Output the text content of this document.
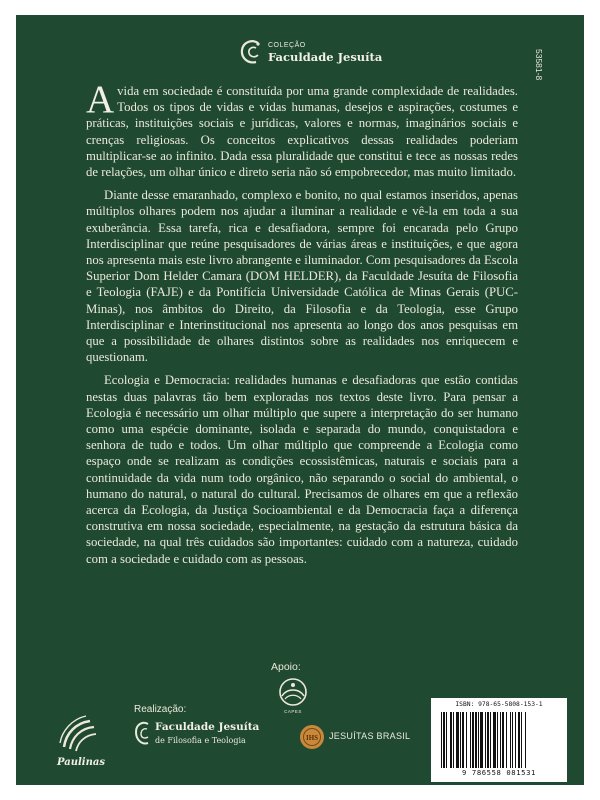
COLEÇÃO
Faculdade Jesuíta	53581-8

Avida em sociedade é constituída por uma grande complexidade de realidades. Todos os tipos de vidas e vidas humanas, desejos e aspirações, costumes e práticas, instituições sociais e jurídicas, valores e normas, imaginários sociais e crenças religiosas. Os conceitos explicativos dessas realidades poderiam multiplicar-se ao infinito. Dada essa pluralidade que constitui e tece as nossas redes de relações, um olhar único e direto seria não só empobrecedor, mas muito limitado.

Diante desse emaranhado, complexo e bonito, no qual estamos inseridos, apenas múltiplos olhares podem nos ajudar a iluminar a realidade e vê-la em toda a sua exuberância. Essa tarefa, rica e desafiadora, sempre foi encarada pelo Grupo Interdisciplinar que reúne pesquisadores de várias áreas e instituições, e que agora nos apresenta mais este livro abrangente e iluminador. Com pesquisadores da Escola Superior Dom Helder Camara (DOM HELDER), da Faculdade Jesuíta de Filosofia e Teologia (FAJE) e da Pontifícia Universidade Católica de Minas Gerais (PUC-Minas), nos âmbitos do Direito, da Filosofia e da Teologia, esse Grupo Interdisciplinar e Interinstitucional nos apresenta ao longo dos anos pesquisas em que a possibilidade de olhares distintos sobre as realidades nos enriquecem e questionam.

Ecologia e Democracia: realidades humanas e desafiadoras que estão contidas nestas duas palavras tão bem exploradas nos textos deste livro. Para pensar a Ecologia é necessário um olhar múltiplo que supere a interpretação do ser humano como uma espécie dominante, isolada e separada do mundo, conquistadora e senhora de tudo e todos. Um olhar múltiplo que compreende a Ecologia como espaço onde se realizam as condições ecossistêmicas, naturais e sociais para a continuidade da vida num todo orgânico, não separando o social do ambiental, o humano do natural, o natural do cultural. Precisamos de olhares em que a reflexão acerca da Ecologia, da Justiça Socioambiental e da Democracia faça a diferença construtiva em nossa sociedade, especialmente, na gestação da estrutura básica da sociedade, na qual três cuidados são importantes: cuidado com a natureza, cuidado com a sociedade e cuidado com as pessoas.

Apoio:
CAPES
Realização:
Paulinas
Faculdade Jesuíta
de Filosofia e Teologia	IHS JESUÍTAS BRASIL
ISBN: 978-65-5808-153-1
9 786558 081531
